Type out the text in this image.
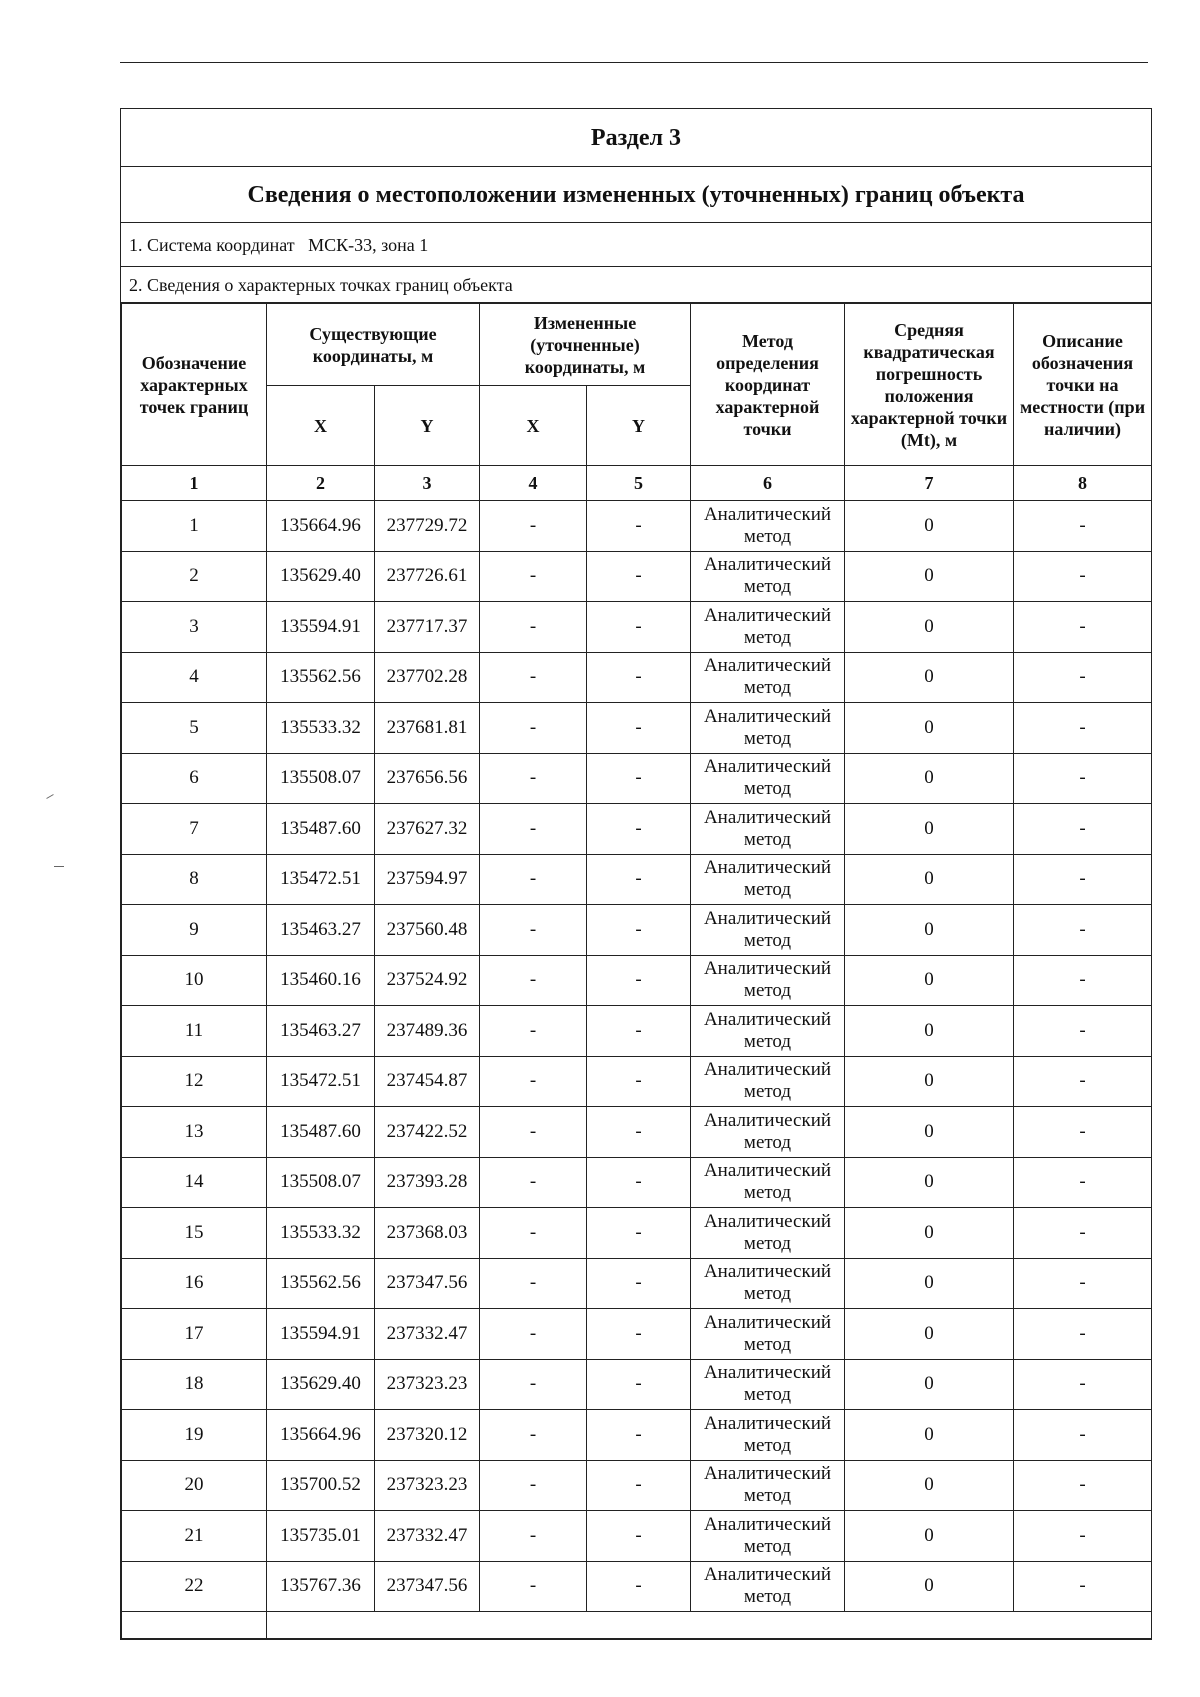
Раздел 3
Сведения о местоположении измененных (уточненных) границ объекта
1. Система координат МСК-33, зона 1
2. Сведения о характерных точках границ объекта
Обозначение характерных точек границ	Существующие координаты, м		Измененные (уточненные) координаты, м		Метод определения координат характерной точки	Средняя квадратическая погрешность положения характерной точки (Mt), м	Описание обозначения точки на местности (при наличии)
	X	Y	X	Y			
1	2	3	4	5	6	7	8
1	135664.96	237729.72	-	-	Аналитический метод	0	-
2	135629.40	237726.61	-	-	Аналитический метод	0	-
3	135594.91	237717.37	-	-	Аналитический метод	0	-
4	135562.56	237702.28	-	-	Аналитический метод	0	-
5	135533.32	237681.81	-	-	Аналитический метод	0	-
6	135508.07	237656.56	-	-	Аналитический метод	0	-
7	135487.60	237627.32	-	-	Аналитический метод	0	-
8	135472.51	237594.97	-	-	Аналитический метод	0	-
9	135463.27	237560.48	-	-	Аналитический метод	0	-
10	135460.16	237524.92	-	-	Аналитический метод	0	-
11	135463.27	237489.36	-	-	Аналитический метод	0	-
12	135472.51	237454.87	-	-	Аналитический метод	0	-
13	135487.60	237422.52	-	-	Аналитический метод	0	-
14	135508.07	237393.28	-	-	Аналитический метод	0	-
15	135533.32	237368.03	-	-	Аналитический метод	0	-
16	135562.56	237347.56	-	-	Аналитический метод	0	-
17	135594.91	237332.47	-	-	Аналитический метод	0	-
18	135629.40	237323.23	-	-	Аналитический метод	0	-
19	135664.96	237320.12	-	-	Аналитический метод	0	-
20	135700.52	237323.23	-	-	Аналитический метод	0	-
21	135735.01	237332.47	-	-	Аналитический метод	0	-
22	135767.36	237347.56	-	-	Аналитический метод	0	-
